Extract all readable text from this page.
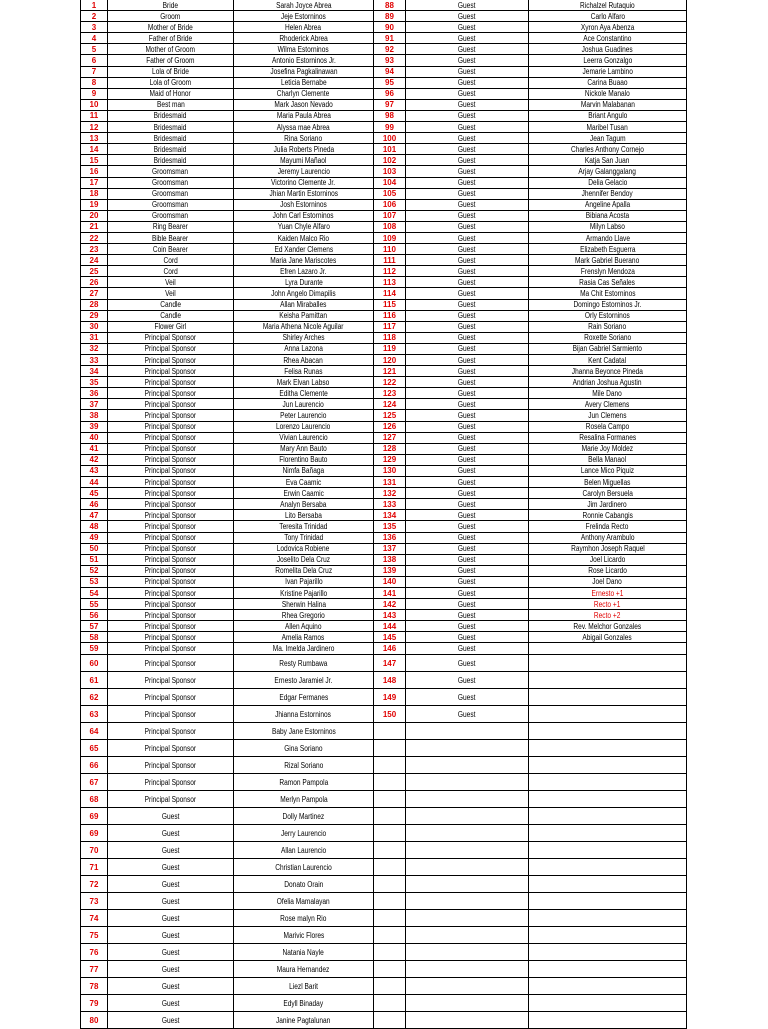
1	Bride	Sarah Joyce Abrea	88	Guest	Richalzel Rutaquio
2	Groom	Jeje Estorninos	89	Guest	Carlo Alfaro
3	Mother of Bride	Helen Abrea	90	Guest	Xyron Aya Abenza
4	Father of Bride	Rhoderick Abrea	91	Guest	Ace Constantino
5	Mother of Groom	Wilma Estorninos	92	Guest	Joshua Guadines
6	Father of Groom	Antonio Estorninos Jr.	93	Guest	Leerra Gonzalgo
7	Lola of Bride	Josefina Pagkalinawan	94	Guest	Jemarie Lambino
8	Lola of Groom	Leticia Bernabe	95	Guest	Carina Buaao
9	Maid of Honor	Charlyn Clemente	96	Guest	Nickole Manalo
10	Best man	Mark Jason Nevado	97	Guest	Marvin Malabanan
11	Bridesmaid	Maria Paula Abrea	98	Guest	Briant Angulo
12	Bridesmaid	Alyssa mae Abrea	99	Guest	Maribel Tusan
13	Bridesmaid	Rina Soriano	100	Guest	Jean Tagum
14	Bridesmaid	Julia Roberts Pineda	101	Guest	Charles Anthony Cornejo
15	Bridesmaid	Mayumi Mañaol	102	Guest	Katja San Juan
16	Groomsman	Jeremy Laurencio	103	Guest	Arjay Galanggalang
17	Groomsman	Victorino Clemente Jr.	104	Guest	Delia Gelacio
18	Groomsman	Jhian Martin Estorninos	105	Guest	Jhennifer Bendoy
19	Groomsman	Josh Estorninos	106	Guest	Angeline Apalla
20	Groomsman	John Carl Estorninos	107	Guest	Bibiana Acosta
21	Ring Bearer	Yuan Chyle Alfaro	108	Guest	Milyn Labso
22	Bible Bearer	Kaiden Malco Rio	109	Guest	Armando Llave
23	Coin Bearer	Ed Xander Clemens	110	Guest	Elizabeth Esguerra
24	Cord	Maria Jane Mariscotes	111	Guest	Mark Gabriel Buerano
25	Cord	Efren Lazaro Jr.	112	Guest	Frenslyn Mendoza
26	Veil	Lyra Durante	113	Guest	Rasia Cas Señales
27	Veil	John Angelo Dimapilis	114	Guest	Ma Chit Estorninos
28	Candle	Allan Miraballes	115	Guest	Domingo Estorninos Jr.
29	Candle	Keisha Pamittan	116	Guest	Orly Estorninos
30	Flower Girl	Maria Athena Nicole Aguilar	117	Guest	Rain Soriano
31	Principal Sponsor	Shirley Arches	118	Guest	Roxette Soriano
32	Principal Sponsor	Anna Lazona	119	Guest	Bijan Gabriel Sarmiento
33	Principal Sponsor	Rhea Abacan	120	Guest	Kent Cadatal
34	Principal Sponsor	Felisa Runas	121	Guest	Jhanna Beyonce Pineda
35	Principal Sponsor	Mark Elvan Labso	122	Guest	Andrian Joshua Agustin
36	Principal Sponsor	Editha Clemente	123	Guest	Mile Dano
37	Principal Sponsor	Jun Laurencio	124	Guest	Avery Clemens
38	Principal Sponsor	Peter Laurencio	125	Guest	Jun Clemens
39	Principal Sponsor	Lorenzo Laurencio	126	Guest	Rosela Campo
40	Principal Sponsor	Vivian Laurencio	127	Guest	Resalina Formanes
41	Principal Sponsor	Mary Ann Bauto	128	Guest	Marie Joy Moldez
42	Principal Sponsor	Florentino Bauto	129	Guest	Bella Manaol
43	Principal Sponsor	Nimfa Bañaga	130	Guest	Lance Mico Piquiz
44	Principal Sponsor	Eva Caamic	131	Guest	Belen Miguellas
45	Principal Sponsor	Erwin Caamic	132	Guest	Carolyn Bersuela
46	Principal Sponsor	Analyn Bersaba	133	Guest	Jim Jardinero
47	Principal Sponsor	Lito Bersaba	134	Guest	Ronnie Cabangis
48	Principal Sponsor	Teresita Trinidad	135	Guest	Frelinda Recto
49	Principal Sponsor	Tony Trinidad	136	Guest	Anthony Arambulo
50	Principal Sponsor	Lodovica Robiene	137	Guest	Raymhon Joseph Raquel
51	Principal Sponsor	Joselito Dela Cruz	138	Guest	Joel Licardo
52	Principal Sponsor	Romelita Dela Cruz	139	Guest	Rose Licardo
53	Principal Sponsor	Ivan Pajarillo	140	Guest	Joel Dano
54	Principal Sponsor	Kristine Pajarillo	141	Guest	Ernesto +1
55	Principal Sponsor	Sherwin Halina	142	Guest	Recto +1
56	Principal Sponsor	Rhea Gregorio	143	Guest	Recto +2
57	Principal Sponsor	Allen Aquino	144	Guest	Rev. Melchor Gonzales
58	Principal Sponsor	Amelia Ramos	145	Guest	Abigail Gonzales
59	Principal Sponsor	Ma. Imelda Jardinero	146	Guest	
60	Principal Sponsor	Resty Rumbawa	147	Guest	
61	Principal Sponsor	Ernesto Jaramiel Jr.	148	Guest	
62	Principal Sponsor	Edgar Fermanes	149	Guest	
63	Principal Sponsor	Jhianna Estorninos	150	Guest	
64	Principal Sponsor	Baby Jane Estorninos			
65	Principal Sponsor	Gina Soriano			
66	Principal Sponsor	Rizal Soriano			
67	Principal Sponsor	Ramon Pampola			
68	Principal Sponsor	Merlyn Pampola			
69	Guest	Dolly Martinez			
69	Guest	Jerry Laurencio			
70	Guest	Allan Laurencio			
71	Guest	Christian Laurencio			
72	Guest	Donato Orain			
73	Guest	Ofelia Mamalayan			
74	Guest	Rose malyn Rio			
75	Guest	Marivic Flores			
76	Guest	Natania Nayle			
77	Guest	Maura Hernandez			
78	Guest	Liezl Barit			
79	Guest	Edyll Binaday			
80	Guest	Janine Pagtalunan			
